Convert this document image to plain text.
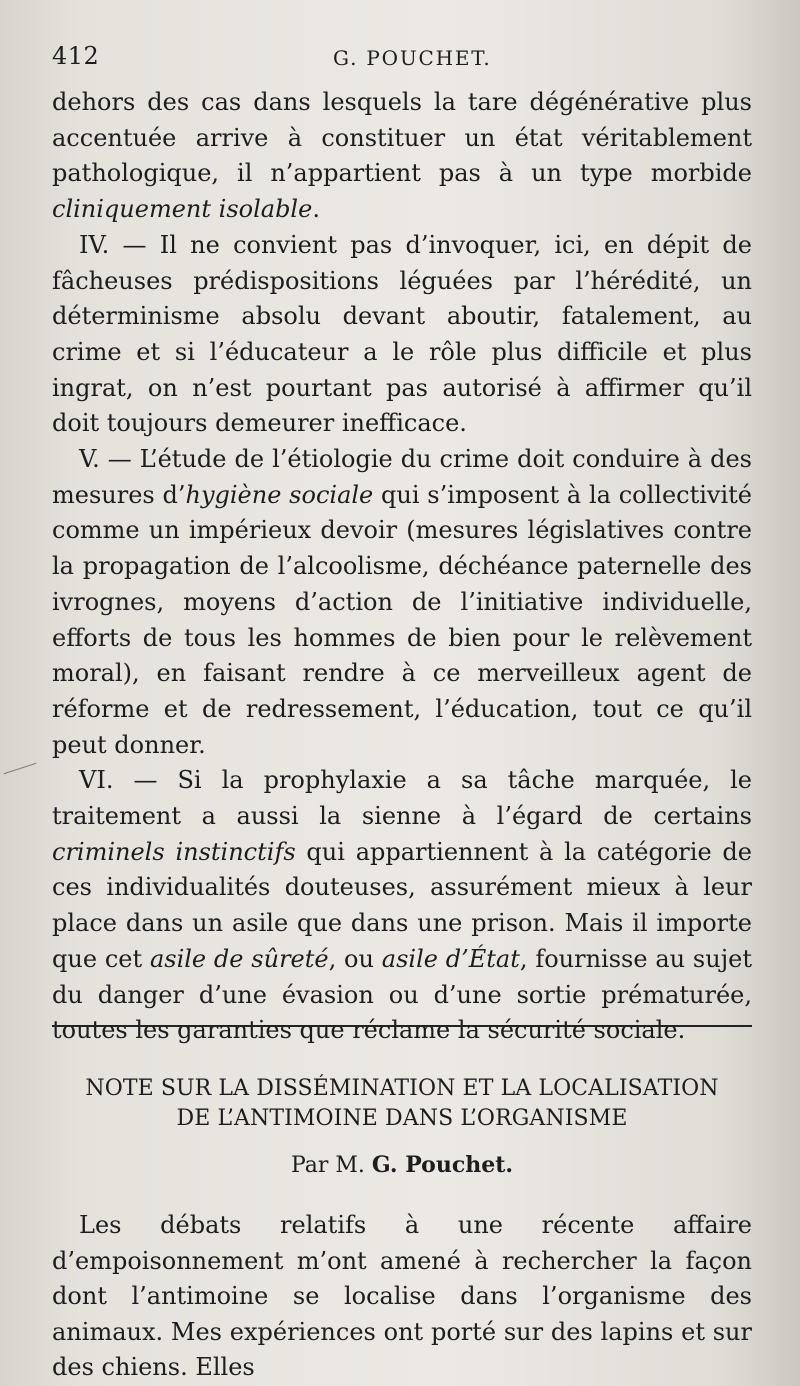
412	G. POUCHET.

dehors des cas dans lesquels la tare dégénérative plus accentuée arrive à constituer un état véritablement pathologique, il n’appartient pas à un type morbide cliniquement isolable.

IV. — Il ne convient pas d’invoquer, ici, en dépit de fâcheuses prédispositions léguées par l’hérédité, un déterminisme absolu devant aboutir, fatalement, au crime et si l’éducateur a le rôle plus difficile et plus ingrat, on n’est pourtant pas autorisé à affirmer qu’il doit toujours demeurer inefficace.

V. — L’étude de l’étiologie du crime doit conduire à des mesures d’hygiène sociale qui s’imposent à la collectivité comme un impérieux devoir (mesures législatives contre la propagation de l’alcoolisme, déchéance paternelle des ivrognes, moyens d’action de l’initiative individuelle, efforts de tous les hommes de bien pour le relèvement moral), en faisant rendre à ce merveilleux agent de réforme et de redressement, l’éducation, tout ce qu’il peut donner.

VI. — Si la prophylaxie a sa tâche marquée, le traitement a aussi la sienne à l’égard de certains criminels instinctifs qui appartiennent à la catégorie de ces individualités douteuses, assurément mieux à leur place dans un asile que dans une prison. Mais il importe que cet asile de sûreté, ou asile d’État, fournisse au sujet du danger d’une évasion ou d’une sortie prématurée, toutes les garanties que réclame la sécurité sociale.

NOTE SUR LA DISSÉMINATION ET LA LOCALISATION
DE L’ANTIMOINE DANS L’ORGANISME
Par M. G. Pouchet.

Les débats relatifs à une récente affaire d’empoisonnement m’ont amené à rechercher la façon dont l’antimoine se localise dans l’organisme des animaux. Mes expériences ont porté sur des lapins et sur des chiens. Elles
